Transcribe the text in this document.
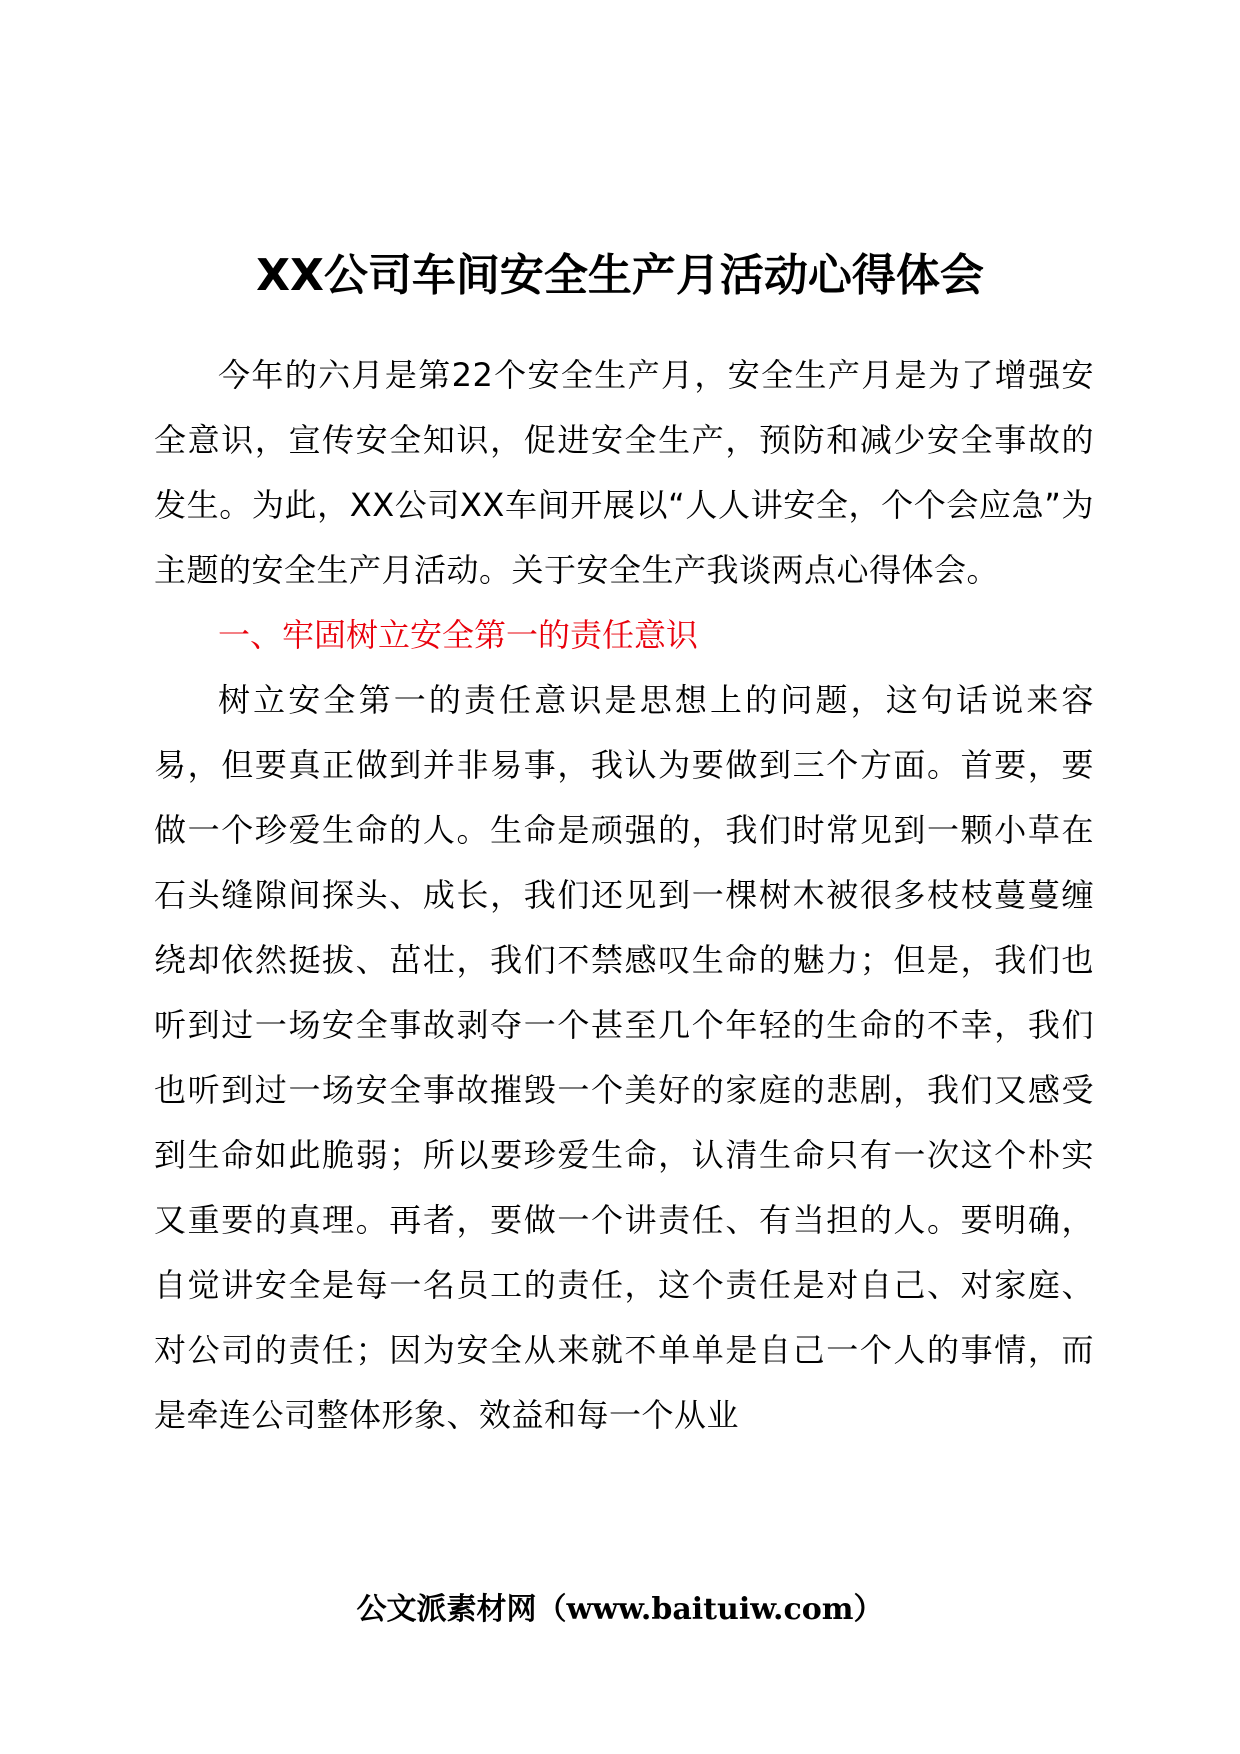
XX公司车间安全生产月活动心得体会

今年的六月是第22个安全生产月，安全生产月是为了增强安全意识，宣传安全知识，促进安全生产，预防和减少安全事故的发生。为此，XX公司XX车间开展以“人人讲安全，个个会应急”为主题的安全生产月活动。关于安全生产我谈两点心得体会。

一、牢固树立安全第一的责任意识

树立安全第一的责任意识是思想上的问题，这句话说来容易，但要真正做到并非易事，我认为要做到三个方面。首要，要做一个珍爱生命的人。生命是顽强的，我们时常见到一颗小草在石头缝隙间探头、成长，我们还见到一棵树木被很多枝枝蔓蔓缠绕却依然挺拔、茁壮，我们不禁感叹生命的魅力；但是，我们也听到过一场安全事故剥夺一个甚至几个年轻的生命的不幸，我们也听到过一场安全事故摧毁一个美好的家庭的悲剧，我们又感受到生命如此脆弱；所以要珍爱生命，认清生命只有一次这个朴实又重要的真理。再者，要做一个讲责任、有当担的人。要明确，自觉讲安全是每一名员工的责任，这个责任是对自己、对家庭、对公司的责任；因为安全从来就不单单是自己一个人的事情，而是牵连公司整体形象、效益和每一个从业

公文派素材网（www.baituiw.com）
